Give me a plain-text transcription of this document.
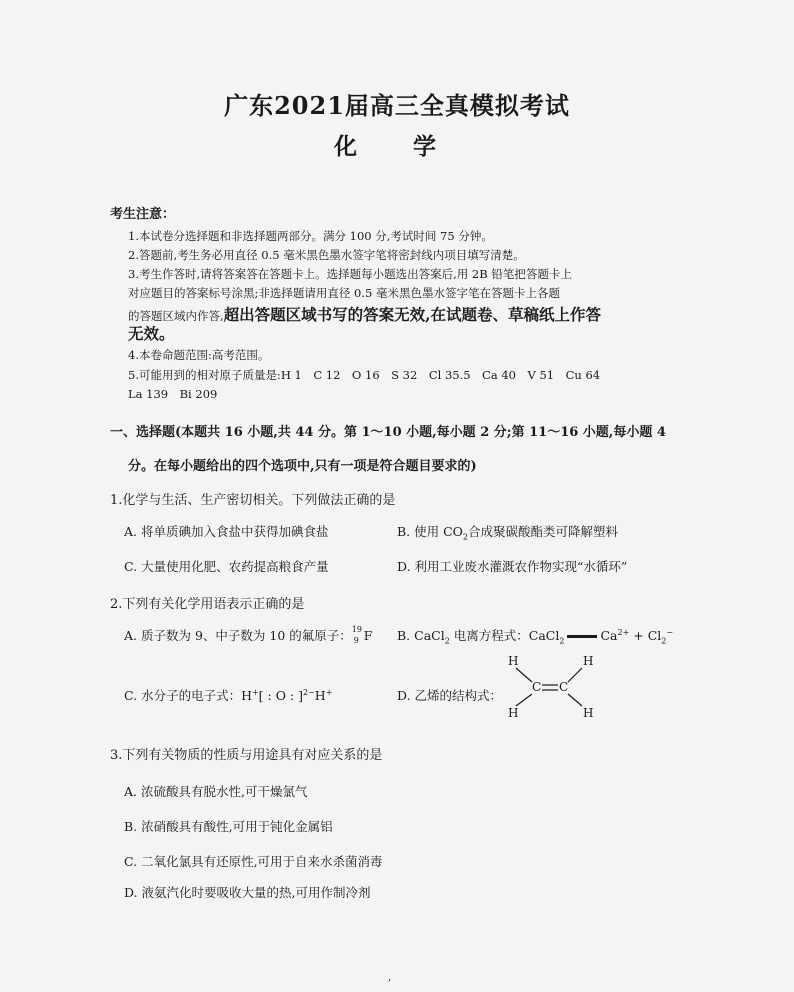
广东2021届高三全真模拟考试
化 学
考生注意：
1.本试卷分选择题和非选择题两部分。满分 100 分,考试时间 75 分钟。
2.答题前,考生务必用直径 0.5 毫米黑色墨水签字笔将密封线内项目填写清楚。
3.考生作答时,请将答案答在答题卡上。选择题每小题选出答案后,用 2B 铅笔把答题卡上
对应题目的答案标号涂黑;非选择题请用直径 0.5 毫米黑色墨水签字笔在答题卡上各题
的答题区域内作答,超出答题区域书写的答案无效,在试题卷、草稿纸上作答
无效。
4.本卷命题范围:高考范围。
5.可能用到的相对原子质量是:H 1　C 12　O 16　S 32　Cl 35.5　Ca 40　V 51　Cu 64
La 139　Bi 209
一、选择题(本题共 16 小题,共 44 分。第 1～10 小题,每小题 2 分;第 11～16 小题,每小题 4
分。在每小题给出的四个选项中,只有一项是符合题目要求的)
1.化学与生活、生产密切相关。下列做法正确的是
A. 将单质碘加入食盐中获得加碘食盐	B. 使用 $CO_2$合成聚碳酸酯类可降解塑料
C. 大量使用化肥、农药提高粮食产量	D. 利用工业废水灌溉农作物实现“水循环”
2.下列有关化学用语表示正确的是
A. 质子数为 9、中子数为 10 的氟原子： 19
9 F B. CaCl$_2$ 电离方程式：CaCl$_2$	$Ca^{2+} + Cl_2^-$
C. 水分子的电子式：H+[ : O : ]$^{2-}$H+	D. 乙烯的结构式：
H	H
C C
H	H
3.下列有关物质的性质与用途具有对应关系的是
A. 浓硫酸具有脱水性,可干燥氯气
B. 浓硝酸具有酸性,可用于钝化金属铝
C. 二氧化氯具有还原性,可用于自来水杀菌消毒
D. 液氨汽化时要吸收大量的热,可用作制冷剂
,
